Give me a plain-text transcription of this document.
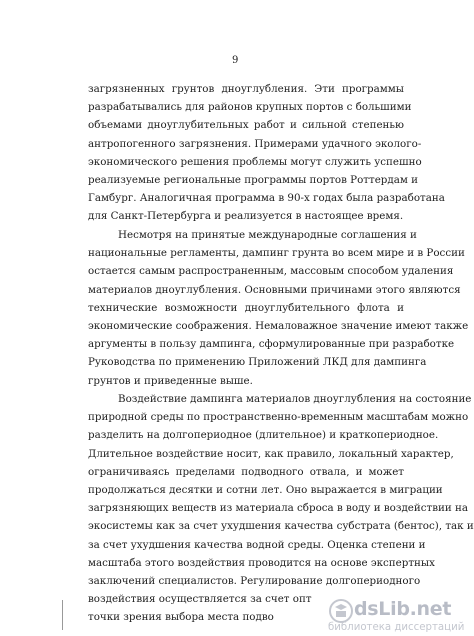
9
загрязненных грунтов дноуглубления. Эти программы
разрабатывались для районов крупных портов с большими
объемами дноуглубительных работ и сильной степенью
антропогенного загрязнения. Примерами удачного эколого-
экономического решения проблемы могут служить успешно
реализуемые региональные программы портов Роттердам и
Гамбург. Аналогичная программа в 90-х годах была разработана
для Санкт-Петербурга и реализуется в настоящее время.
Несмотря на принятые международные соглашения и
национальные регламенты, дампинг грунта во всем мире и в России
остается самым распространенным, массовым способом удаления
материалов дноуглубления. Основными причинами этого являются
технические возможности дноуглубительного флота и
экономические соображения. Немаловажное значение имеют также
аргументы в пользу дампинга, сформулированные при разработке
Руководства по применению Приложений ЛКД для дампинга
грунтов и приведенные выше.
Воздействие дампинга материалов дноуглубления на состояние
природной среды по пространственно-временным масштабам можно
разделить на долгопериодное (длительное) и краткопериодное.
Длительное воздействие носит, как правило, локальный характер,
ограничиваясь пределами подводного отвала, и может
продолжаться десятки и сотни лет. Оно выражается в миграции
загрязняющих веществ из материала сброса в воду и воздействии на
экосистемы как за счет ухудшения качества субстрата (бентос), так и
за счет ухудшения качества водной среды. Оценка степени и
масштаба этого воздействия проводится на основе экспертных
заключений специалистов. Регулирование долгопериодного
воздействия осуществляется за счет опт
точки зрения выбора места подво	dsLib.net
библиотека диссертаций
